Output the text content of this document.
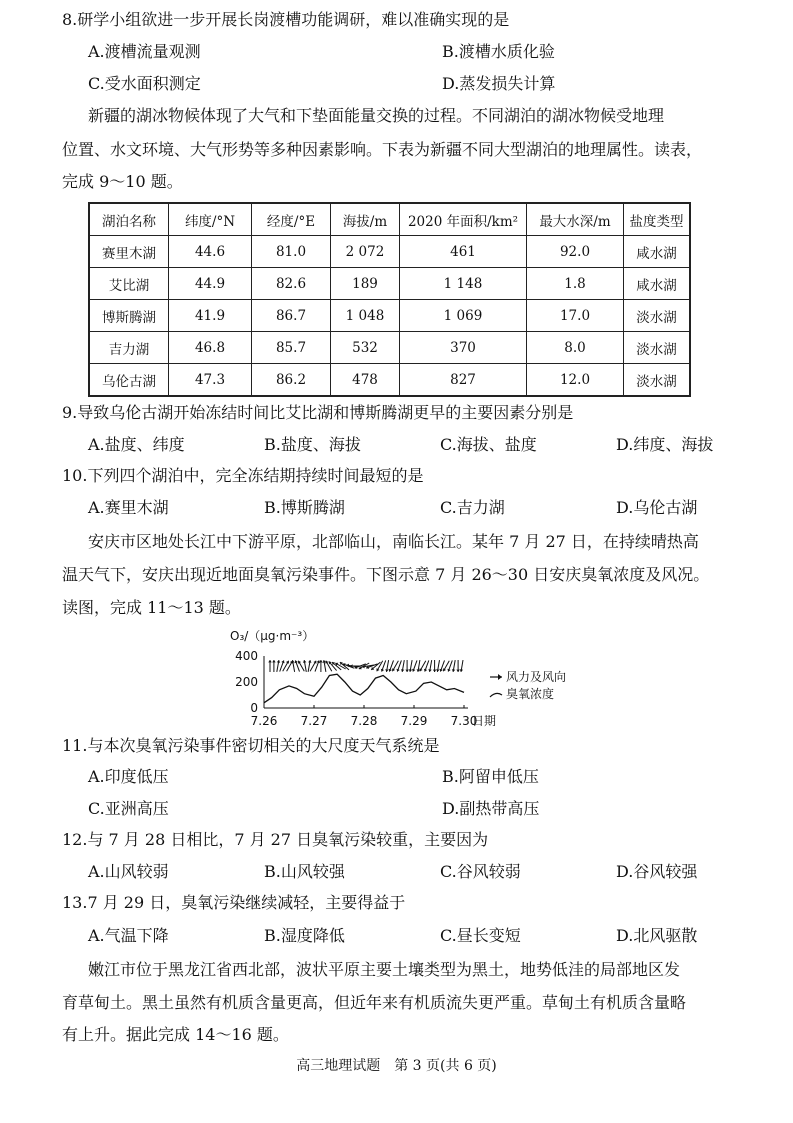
8.研学小组欲进一步开展长岗渡槽功能调研，难以准确实现的是
A.渡槽流量观测	B.渡槽水质化验
C.受水面积测定	D.蒸发损失计算
新疆的湖冰物候体现了大气和下垫面能量交换的过程。不同湖泊的湖冰物候受地理
位置、水文环境、大气形势等多种因素影响。下表为新疆不同大型湖泊的地理属性。读表，
完成 9～10 题。
湖泊名称	纬度/°N	经度/°E	海拔/m	2020 年面积/km²	最大水深/m	盐度类型
赛里木湖	44.6	81.0	2 072	461	92.0	咸水湖
艾比湖	44.9	82.6	189	1 148	1.8	咸水湖
博斯腾湖	41.9	86.7	1 048	1 069	17.0	淡水湖
吉力湖	46.8	85.7	532	370	8.0	淡水湖
乌伦古湖	47.3	86.2	478	827	12.0	淡水湖
9.导致乌伦古湖开始冻结时间比艾比湖和博斯腾湖更早的主要因素分别是
A.盐度、纬度	B.盐度、海拔	C.海拔、盐度	D.纬度、海拔
10.下列四个湖泊中，完全冻结期持续时间最短的是
A.赛里木湖	B.博斯腾湖	C.吉力湖	D.乌伦古湖
安庆市区地处长江中下游平原，北部临山，南临长江。某年 7 月 27 日，在持续晴热高
温天气下，安庆出现近地面臭氧污染事件。下图示意 7 月 26～30 日安庆臭氧浓度及风况。
读图，完成 11～13 题。
O₃/（μg·m⁻³）
400
200
0
7.26 7.27 7.28 7.29 7.30
日期
风力及风向
臭氧浓度
11.与本次臭氧污染事件密切相关的大尺度天气系统是
A.印度低压	B.阿留申低压
C.亚洲高压	D.副热带高压
12.与 7 月 28 日相比，7 月 27 日臭氧污染较重，主要因为
A.山风较弱	B.山风较强	C.谷风较弱	D.谷风较强
13.7 月 29 日，臭氧污染继续减轻，主要得益于
A.气温下降	B.湿度降低	C.昼长变短	D.北风驱散
嫩江市位于黑龙江省西北部，波状平原主要土壤类型为黑土，地势低洼的局部地区发
育草甸土。黑土虽然有机质含量更高，但近年来有机质流失更严重。草甸土有机质含量略
有上升。据此完成 14～16 题。
高三地理试题　第 3 页(共 6 页)
